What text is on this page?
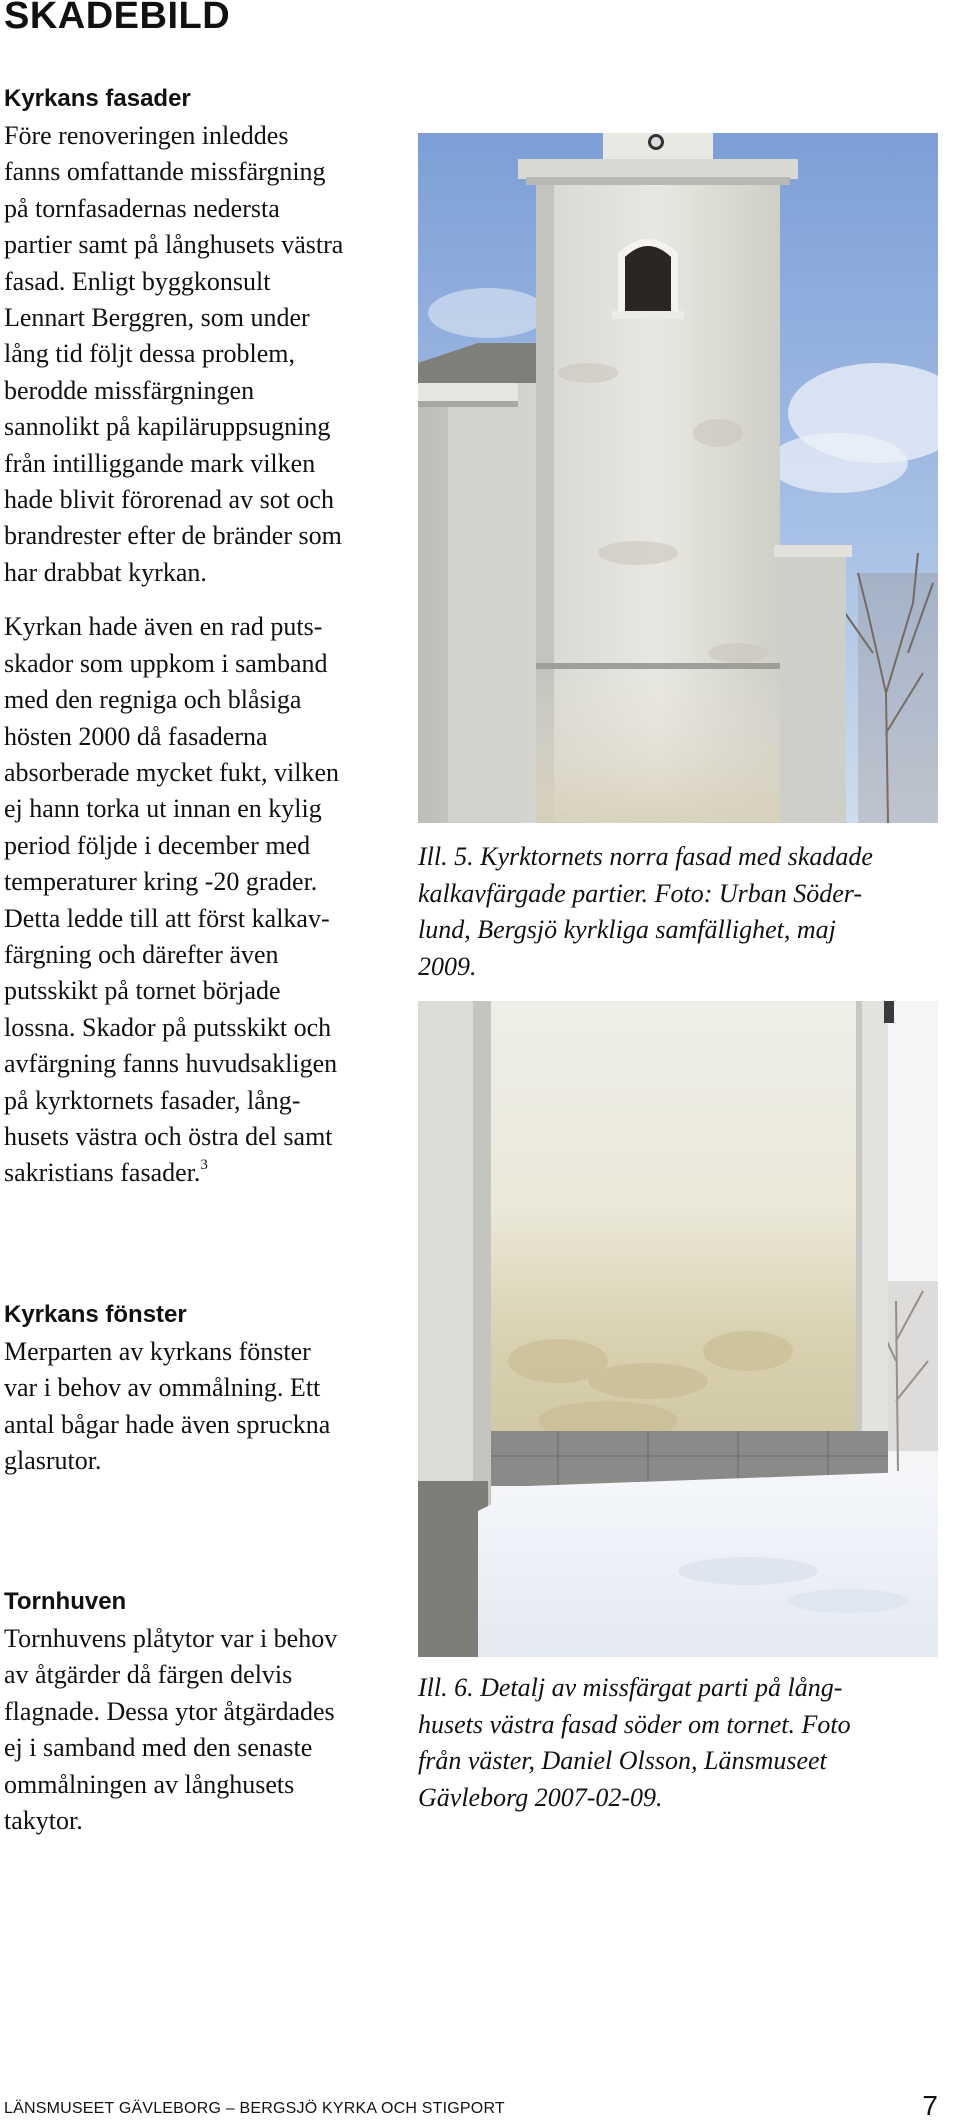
SKADEBILD
Kyrkans fasader

Före renoveringen inleddes
fanns omfattande missfärgning
på tornfasadernas nedersta
partier samt på långhusets västra
fasad. Enligt byggkonsult
Lennart Berggren, som under
lång tid följt dessa problem,
berodde missfärgningen
sannolikt på kapiläruppsugning
från intilliggande mark vilken
hade blivit förorenad av sot och
brandrester efter de bränder som
har drabbat kyrkan.

Kyrkan hade även en rad puts-
skador som uppkom i samband
med den regniga och blåsiga
hösten 2000 då fasaderna
absorberade mycket fukt, vilken
ej hann torka ut innan en kylig
period följde i december med
temperaturer kring -20 grader.
Detta ledde till att först kalkav-
färgning och därefter även
putsskikt på tornet började
lossna. Skador på putsskikt och
avfärgning fanns huvudsakligen
på kyrktornets fasader, lång-
husets västra och östra del samt
sakristians fasader.$^3$

Kyrkans fönster

Merparten av kyrkans fönster
var i behov av ommålning. Ett
antal bågar hade även spruckna
glasrutor.

Tornhuven

Tornhuvens plåtytor var i behov
av åtgärder då färgen delvis
flagnade. Dessa ytor åtgärdades
ej i samband med den senaste
ommålningen av långhusets
takytor.

Ill. 5. Kyrktornets norra fasad med skadade
kalkavfärgade partier. Foto: Urban Söder-
lund, Bergsjö kyrkliga samfällighet, maj
2009.
Ill. 6. Detalj av missfärgat parti på lång-
husets västra fasad söder om tornet. Foto
från väster, Daniel Olsson, Länsmuseet
Gävleborg 2007-02-09.
LÄNSMUSEET GÄVLEBORG – BERGSJÖ KYRKA OCH STIGPORT	7
